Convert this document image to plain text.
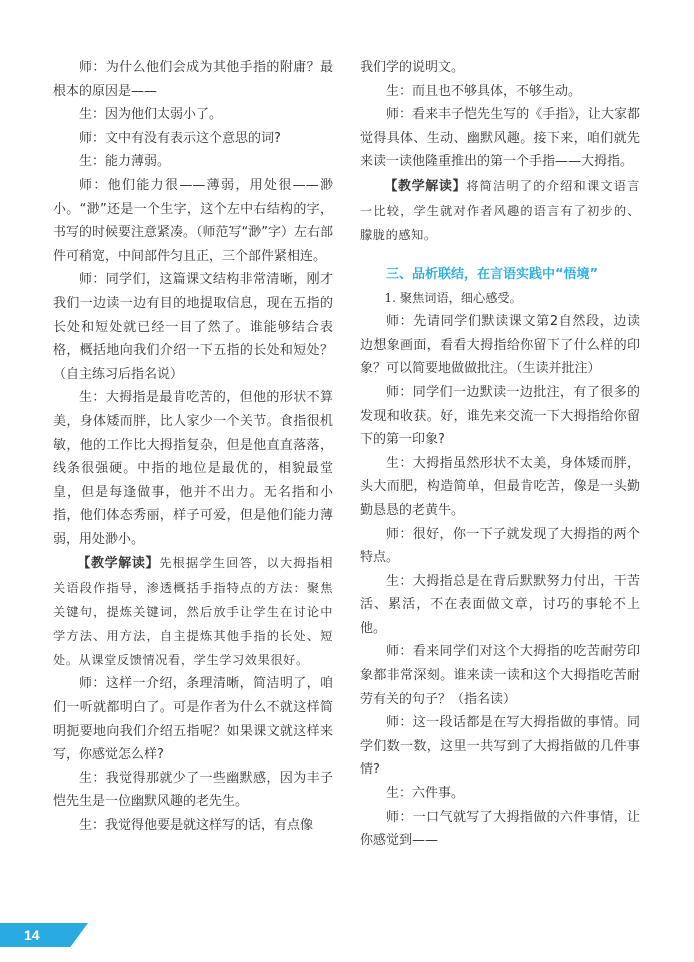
师：为什么他们会成为其他手指的附庸？最根本的原因是——

生：因为他们太弱小了。

师：文中有没有表示这个意思的词?

生：能力薄弱。

师：他们能力很——薄弱，用处很——渺小。“渺”还是一个生字，这个左中右结构的字，书写的时候要注意紧凑。（师范写“渺”字）左右部件可稍宽，中间部件匀且正，三个部件紧相连。

师：同学们，这篇课文结构非常清晰，刚才我们一边读一边有目的地提取信息，现在五指的长处和短处就已经一目了然了。谁能够结合表格，概括地向我们介绍一下五指的长处和短处？（自主练习后指名说）

生：大拇指是最肯吃苦的，但他的形状不算美，身体矮而胖，比人家少一个关节。食指很机敏，他的工作比大拇指复杂，但是他直直落落，线条很强硬。中指的地位是最优的，相貌最堂皇，但是每逢做事，他并不出力。无名指和小指，他们体态秀丽，样子可爱，但是他们能力薄弱，用处渺小。

【教学解读】先根据学生回答，以大拇指相关语段作指导，渗透概括手指特点的方法：聚焦关键句，提炼关键词，然后放手让学生在讨论中学方法、用方法，自主提炼其他手指的长处、短处。从课堂反馈情况看，学生学习效果很好。

师：这样一介绍，条理清晰，简洁明了，咱们一听就都明白了。可是作者为什么不就这样简明扼要地向我们介绍五指呢？如果课文就这样来写，你感觉怎么样?

生：我觉得那就少了一些幽默感，因为丰子恺先生是一位幽默风趣的老先生。

生：我觉得他要是就这样写的话，有点像

我们学的说明文。

生：而且也不够具体，不够生动。

师：看来丰子恺先生写的《手指》，让大家都觉得具体、生动、幽默风趣。接下来，咱们就先来读一读他隆重推出的第一个手指——大拇指。

【教学解读】将简洁明了的介绍和课文语言一比较，学生就对作者风趣的语言有了初步的、朦胧的感知。

三、品析联结，在言语实践中“悟境”

1. 聚焦词语，细心感受。

师：先请同学们默读课文第2自然段，边读边想象画面，看看大拇指给你留下了什么样的印象？可以简要地做做批注。（生读并批注）

师：同学们一边默读一边批注，有了很多的发现和收获。好，谁先来交流一下大拇指给你留下的第一印象?

生：大拇指虽然形状不太美，身体矮而胖，头大而肥，构造简单，但最肯吃苦，像是一头勤勤恳恳的老黄牛。

师：很好，你一下子就发现了大拇指的两个特点。

生：大拇指总是在背后默默努力付出，干苦活、累活，不在表面做文章，讨巧的事轮不上他。

师：看来同学们对这个大拇指的吃苦耐劳印象都非常深刻。谁来读一读和这个大拇指吃苦耐劳有关的句子？（指名读）

师：这一段话都是在写大拇指做的事情。同学们数一数，这里一共写到了大拇指做的几件事情?

生：六件事。

师：一口气就写了大拇指做的六件事情，让你感觉到——

14
